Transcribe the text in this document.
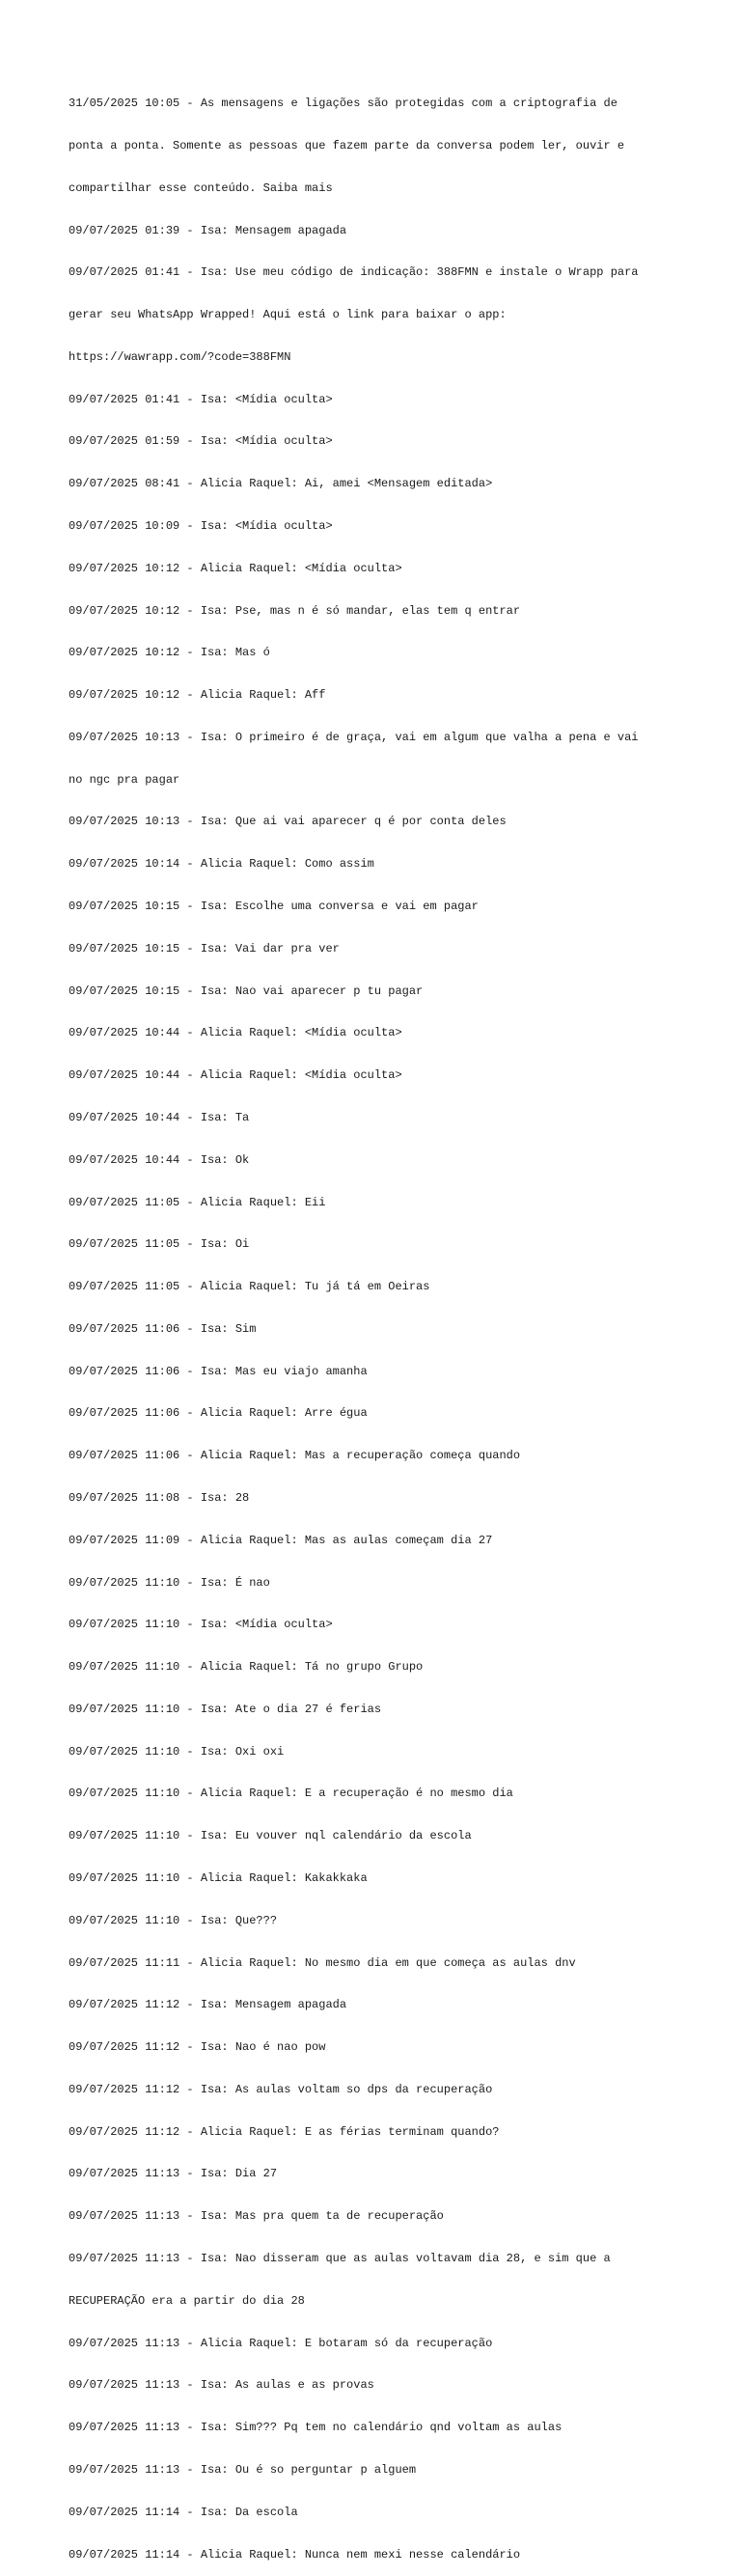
31/05/2025 10:05 - As mensagens e ligações são protegidas com a criptografia de

ponta a ponta. Somente as pessoas que fazem parte da conversa podem ler, ouvir e

compartilhar esse conteúdo. Saiba mais

09/07/2025 01:39 - Isa: Mensagem apagada

09/07/2025 01:41 - Isa: Use meu código de indicação: 388FMN e instale o Wrapp para

gerar seu WhatsApp Wrapped! Aqui está o link para baixar o app:

https://wawrapp.com/?code=388FMN

09/07/2025 01:41 - Isa: <Mídia oculta>

09/07/2025 01:59 - Isa: <Mídia oculta>

09/07/2025 08:41 - Alicia Raquel: Ai, amei <Mensagem editada>

09/07/2025 10:09 - Isa: <Mídia oculta>

09/07/2025 10:12 - Alicia Raquel: <Mídia oculta>

09/07/2025 10:12 - Isa: Pse, mas n é só mandar, elas tem q entrar

09/07/2025 10:12 - Isa: Mas ó

09/07/2025 10:12 - Alicia Raquel: Aff

09/07/2025 10:13 - Isa: O primeiro é de graça, vai em algum que valha a pena e vai

no ngc pra pagar

09/07/2025 10:13 - Isa: Que ai vai aparecer q é por conta deles

09/07/2025 10:14 - Alicia Raquel: Como assim

09/07/2025 10:15 - Isa: Escolhe uma conversa e vai em pagar

09/07/2025 10:15 - Isa: Vai dar pra ver

09/07/2025 10:15 - Isa: Nao vai aparecer p tu pagar

09/07/2025 10:44 - Alicia Raquel: <Mídia oculta>

09/07/2025 10:44 - Alicia Raquel: <Mídia oculta>

09/07/2025 10:44 - Isa: Ta

09/07/2025 10:44 - Isa: Ok

09/07/2025 11:05 - Alicia Raquel: Eii

09/07/2025 11:05 - Isa: Oi

09/07/2025 11:05 - Alicia Raquel: Tu já tá em Oeiras

09/07/2025 11:06 - Isa: Sim

09/07/2025 11:06 - Isa: Mas eu viajo amanha

09/07/2025 11:06 - Alicia Raquel: Arre égua

09/07/2025 11:06 - Alicia Raquel: Mas a recuperação começa quando

09/07/2025 11:08 - Isa: 28

09/07/2025 11:09 - Alicia Raquel: Mas as aulas começam dia 27

09/07/2025 11:10 - Isa: É nao

09/07/2025 11:10 - Isa: <Mídia oculta>

09/07/2025 11:10 - Alicia Raquel: Tá no grupo Grupo

09/07/2025 11:10 - Isa: Ate o dia 27 é ferias

09/07/2025 11:10 - Isa: Oxi oxi

09/07/2025 11:10 - Alicia Raquel: E a recuperação é no mesmo dia

09/07/2025 11:10 - Isa: Eu vouver nql calendário da escola

09/07/2025 11:10 - Alicia Raquel: Kakakkaka

09/07/2025 11:10 - Isa: Que???

09/07/2025 11:11 - Alicia Raquel: No mesmo dia em que começa as aulas dnv

09/07/2025 11:12 - Isa: Mensagem apagada

09/07/2025 11:12 - Isa: Nao é nao pow

09/07/2025 11:12 - Isa: As aulas voltam so dps da recuperação

09/07/2025 11:12 - Alicia Raquel: E as férias terminam quando?

09/07/2025 11:13 - Isa: Dia 27

09/07/2025 11:13 - Isa: Mas pra quem ta de recuperação

09/07/2025 11:13 - Isa: Nao disseram que as aulas voltavam dia 28, e sim que a

RECUPERAÇÃO era a partir do dia 28

09/07/2025 11:13 - Alicia Raquel: E botaram só da recuperação

09/07/2025 11:13 - Isa: As aulas e as provas

09/07/2025 11:13 - Isa: Sim??? Pq tem no calendário qnd voltam as aulas

09/07/2025 11:13 - Isa: Ou é so perguntar p alguem

09/07/2025 11:14 - Isa: Da escola

09/07/2025 11:14 - Alicia Raquel: Nunca nem mexi nesse calendário
